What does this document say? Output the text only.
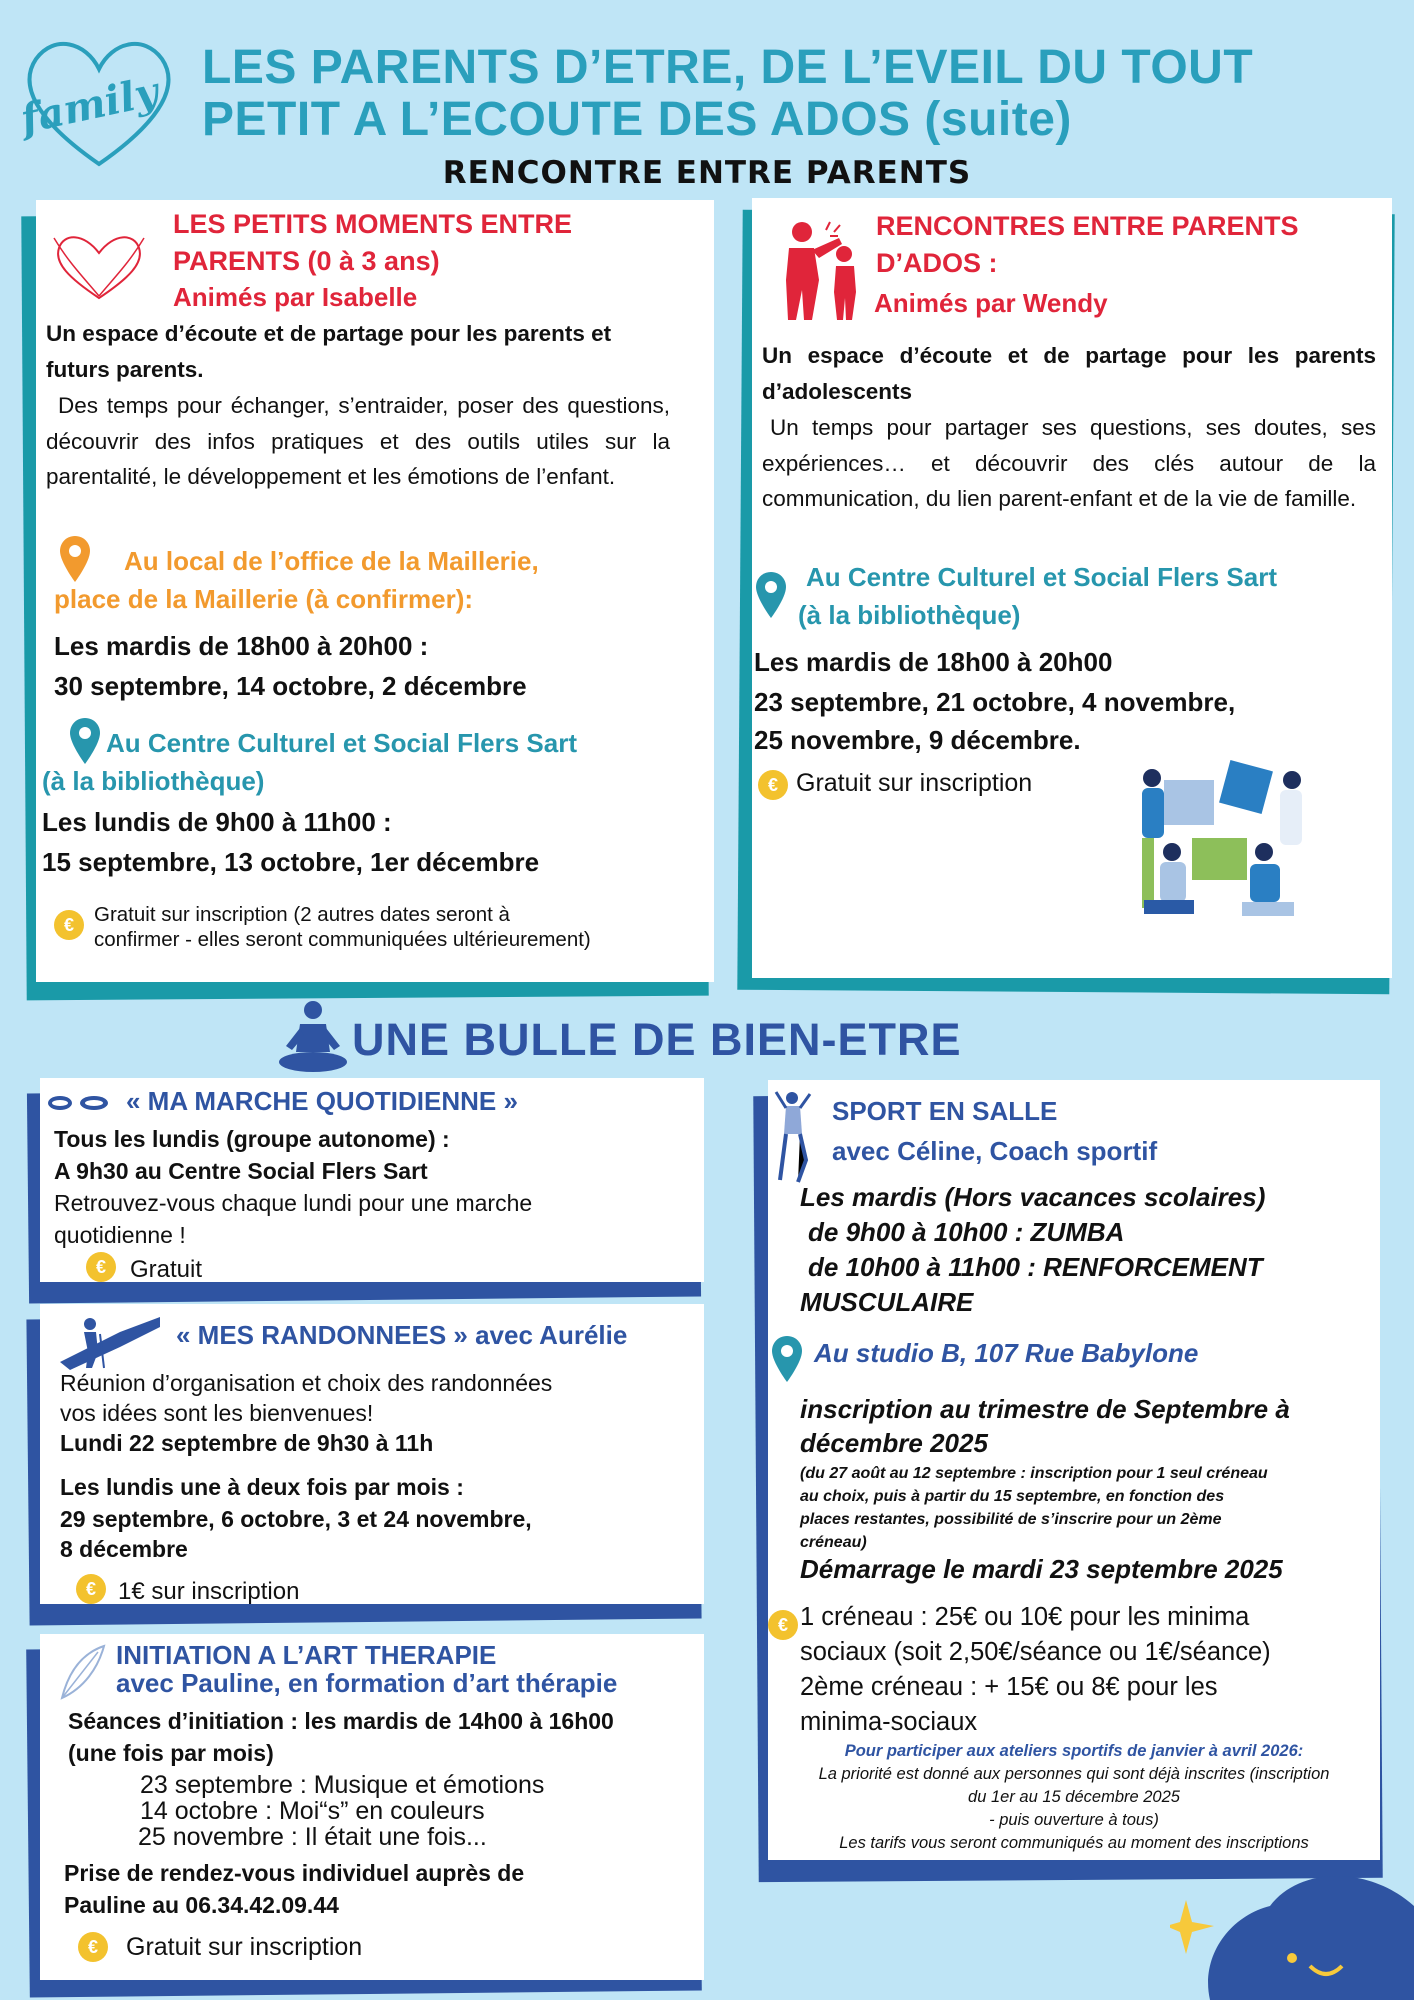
family
LES PARENTS D’ETRE, DE L’EVEIL DU TOUT
PETIT A L’ECOUTE DES ADOS (suite)
RENCONTRE ENTRE PARENTS
LES PETITS MOMENTS ENTRE
PARENTS (0 à 3 ans)
Animés par Isabelle
Un espace d’écoute et de partage pour les parents et futurs parents.
Des temps pour échanger, s’entraider, poser des questions, découvrir des infos pratiques et des outils utiles sur la parentalité, le développement et les émotions de l’enfant.
Au local de l’office de la Maillerie,
place de la Maillerie (à confirmer):
Les mardis de 18h00 à 20h00 :
30 septembre, 14 octobre, 2 décembre
Au Centre Culturel et Social Flers Sart
(à la bibliothèque)
Les lundis de 9h00 à 11h00 :
15 septembre, 13 octobre, 1er décembre
€ Gratuit sur inscription (2 autres dates seront à
confirmer - elles seront communiquées ultérieurement)
RENCONTRES ENTRE PARENTS
D’ADOS :
Animés par Wendy
Un espace d’écoute et de partage pour les parents d’adolescents
Un temps pour partager ses questions, ses doutes, ses expériences… et découvrir des clés autour de la communication, du lien parent-enfant et de la vie de famille.
Au Centre Culturel et Social Flers Sart
(à la bibliothèque)
Les mardis de 18h00 à 20h00
23 septembre, 21 octobre, 4 novembre,
25 novembre, 9 décembre.
€ Gratuit sur inscription
UNE BULLE DE BIEN-ETRE
« MA MARCHE QUOTIDIENNE »
Tous les lundis (groupe autonome) :
A 9h30 au Centre Social Flers Sart
Retrouvez-vous chaque lundi pour une marche
quotidienne !
€	Gratuit
« MES RANDONNEES » avec Aurélie
Réunion d’organisation et choix des randonnées
vos idées sont les bienvenues!
Lundi 22 septembre de 9h30 à 11h
Les lundis une à deux fois par mois :
29 septembre, 6 octobre, 3 et 24 novembre,
8 décembre
€ 1€ sur inscription
INITIATION A L’ART THERAPIE
avec Pauline, en formation d’art thérapie
Séances d’initiation : les mardis de 14h00 à 16h00
(une fois par mois)
23 septembre : Musique et émotions
14 octobre : Moi“s” en couleurs
25 novembre : Il était une fois...
Prise de rendez-vous individuel auprès de
Pauline au 06.34.42.09.44
€	Gratuit sur inscription
SPORT EN SALLE
avec Céline, Coach sportif
Les mardis (Hors vacances scolaires)
de 9h00 à 10h00 : ZUMBA
de 10h00 à 11h00 : RENFORCEMENT
MUSCULAIRE
Au studio B, 107 Rue Babylone
inscription au trimestre de Septembre à
décembre 2025
(du 27 août au 12 septembre : inscription pour 1 seul créneau
au choix, puis à partir du 15 septembre, en fonction des
places restantes, possibilité de s’inscrire pour un 2ème
créneau)
Démarrage le mardi 23 septembre 2025
€ 1 créneau : 25€ ou 10€ pour les minima
sociaux (soit 2,50€/séance ou 1€/séance)
2ème créneau : + 15€ ou 8€ pour les
minima-sociaux
Pour participer aux ateliers sportifs de janvier à avril 2026:
La priorité est donné aux personnes qui sont déjà inscrites (inscription
du 1er au 15 décembre 2025
- puis ouverture à tous)
Les tarifs vous seront communiqués au moment des inscriptions
